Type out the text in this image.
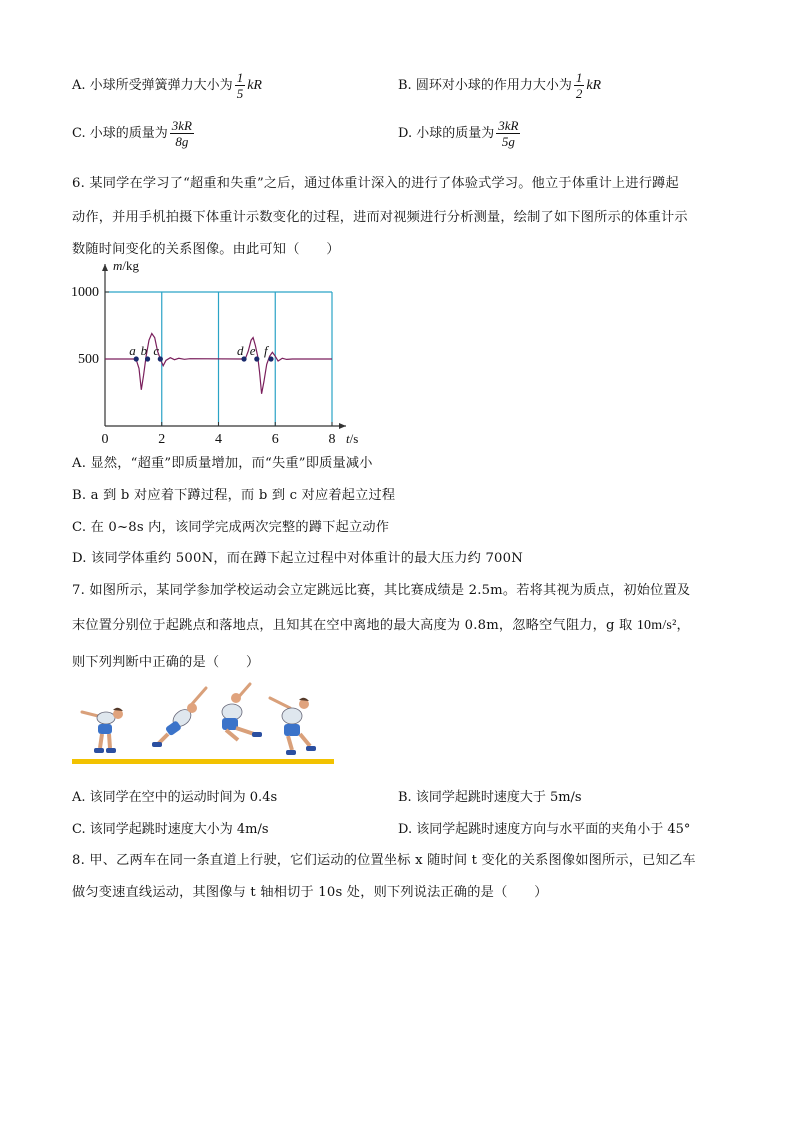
A. 小球所受弹簧弹力大小为 $\frac{1}{5}$ kR	B. 圆环对小球的作用力大小为 $\frac{1}{2}$ kR
C. 小球的质量为 $\frac{3kR}{8g}$	D. 小球的质量为 $\frac{3kR}{5g}$
6. 某同学在学习了“超重和失重”之后，通过体重计深入的进行了体验式学习。他立于体重计上进行蹲起
动作，并用手机拍摄下体重计示数变化的过程，进而对视频进行分析测量，绘制了如下图所示的体重计示
数随时间变化的关系图像。由此可知（　　）
500
1000
0	2	4	6	8
m/kg
t/s
a b c	d e f
A. 显然，“超重”即质量增加，而“失重”即质量减小
B. a 到 b 对应着下蹲过程，而 b 到 c 对应着起立过程
C. 在 0~8s 内，该同学完成两次完整的蹲下起立动作
D. 该同学体重约 500N，而在蹲下起立过程中对体重计的最大压力约 700N
7. 如图所示，某同学参加学校运动会立定跳远比赛，其比赛成绩是 2.5m。若将其视为质点，初始位置及
末位置分别位于起跳点和落地点，且知其在空中离地的最大高度为 0.8m，忽略空气阻力，g 取 10m/s²，
则下列判断中正确的是（　　）
A. 该同学在空中的运动时间为 0.4s	B. 该同学起跳时速度大于 5m/s
C. 该同学起跳时速度大小为 4m/s	D. 该同学起跳时速度方向与水平面的夹角小于 45°
8. 甲、乙两车在同一条直道上行驶，它们运动的位置坐标 x 随时间 t 变化的关系图像如图所示，已知乙车
做匀变速直线运动，其图像与 t 轴相切于 10s 处，则下列说法正确的是（　　）
